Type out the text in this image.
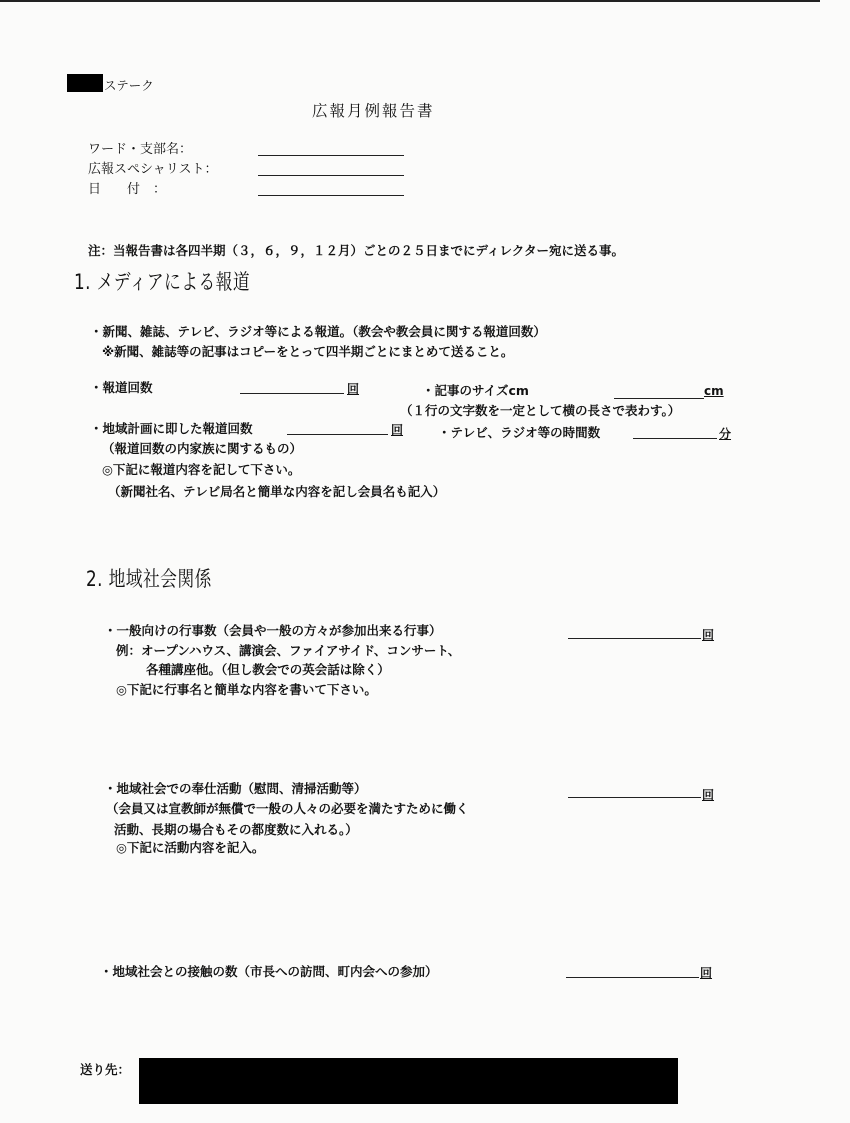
ステーク
広報月例報告書
ワード・支部名：
広報スペシャリスト：
日　　付　：
注：当報告書は各四半期（３，６，９，１２月）ごとの２５日までにディレクター宛に送る事。
1. メディアによる報道
・新聞、雑誌、テレビ、ラジオ等による報道。（教会や教会員に関する報道回数）
※新聞、雑誌等の記事はコピーをとって四半期ごとにまとめて送ること。
・報道回数	回	・記事のサイズcm	cm
（１行の文字数を一定として横の長さで表わす。）
・地域計画に即した報道回数	回	・テレビ、ラジオ等の時間数	分
（報道回数の内家族に関するもの）
◎下記に報道内容を記して下さい。
（新聞社名、テレビ局名と簡単な内容を記し会員名も記入）
2. 地域社会関係
・一般向けの行事数（会員や一般の方々が参加出来る行事）	回
例：オープンハウス、講演会、ファイアサイド、コンサート、
各種講座他。（但し教会での英会話は除く）
◎下記に行事名と簡単な内容を書いて下さい。
・地域社会での奉仕活動（慰問、清掃活動等）	回
（会員又は宣教師が無償で一般の人々の必要を満たすために働く
活動、長期の場合もその都度数に入れる。）
◎下記に活動内容を記入。
・地域社会との接触の数（市長への訪問、町内会への参加）	回
送り先：
